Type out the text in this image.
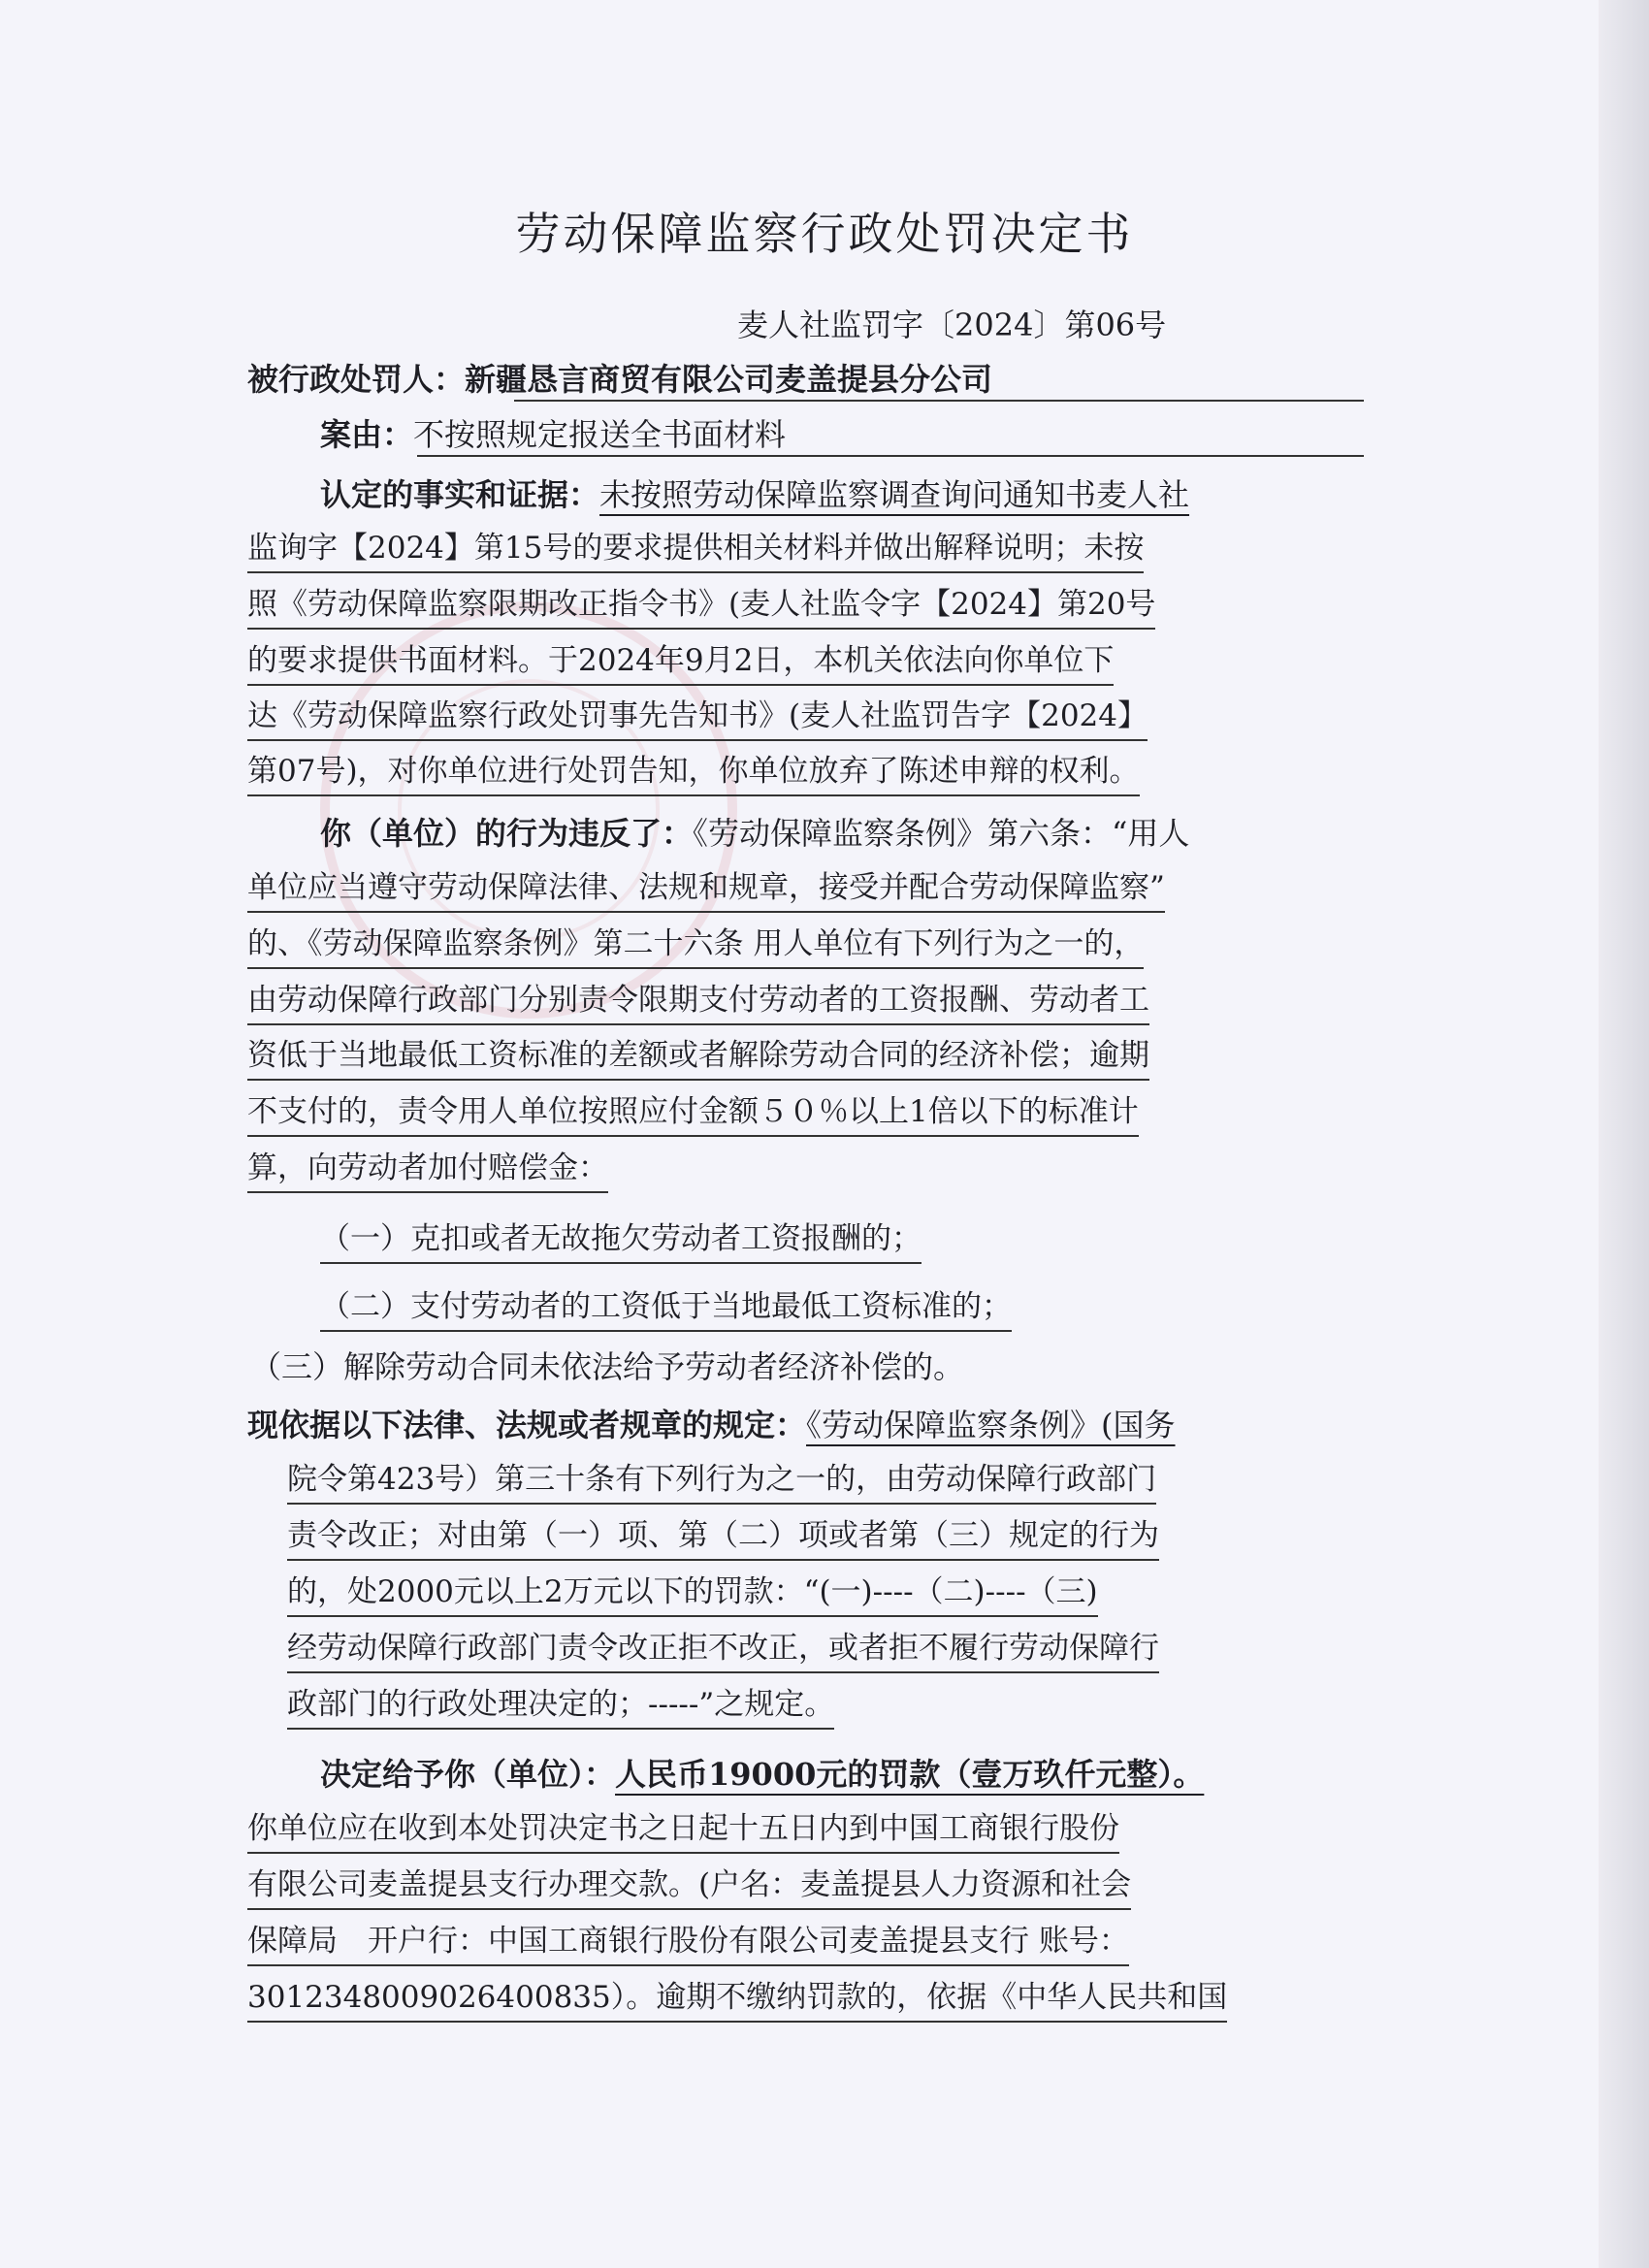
劳动保障监察行政处罚决定书
麦人社监罚字〔2024〕第06号
被行政处罚人：新疆恳言商贸有限公司麦盖提县分公司
案由：不按照规定报送全书面材料
认定的事实和证据：未按照劳动保障监察调查询问通知书麦人社
监询字【2024】第15号的要求提供相关材料并做出解释说明；未按
照《劳动保障监察限期改正指令书》(麦人社监令字【2024】第20号
的要求提供书面材料。于2024年9月2日，本机关依法向你单位下
达《劳动保障监察行政处罚事先告知书》(麦人社监罚告字【2024】
第07号)，对你单位进行处罚告知，你单位放弃了陈述申辩的权利。
你（单位）的行为违反了：《劳动保障监察条例》第六条：“用人
单位应当遵守劳动保障法律、法规和规章，接受并配合劳动保障监察”
的、《劳动保障监察条例》第二十六条 用人单位有下列行为之一的，
由劳动保障行政部门分别责令限期支付劳动者的工资报酬、劳动者工
资低于当地最低工资标准的差额或者解除劳动合同的经济补偿；逾期
不支付的，责令用人单位按照应付金额５０％以上1倍以下的标准计
算，向劳动者加付赔偿金：
（一）克扣或者无故拖欠劳动者工资报酬的；
（二）支付劳动者的工资低于当地最低工资标准的；
（三）解除劳动合同未依法给予劳动者经济补偿的。
现依据以下法律、法规或者规章的规定：《劳动保障监察条例》(国务
院令第423号）第三十条有下列行为之一的，由劳动保障行政部门
责令改正；对由第（一）项、第（二）项或者第（三）规定的行为
的，处2000元以上2万元以下的罚款：“(一)----（二)----（三)
经劳动保障行政部门责令改正拒不改正，或者拒不履行劳动保障行
政部门的行政处理决定的；-----”之规定。
决定给予你（单位）：人民币19000元的罚款（壹万玖仟元整）。
你单位应在收到本处罚决定书之日起十五日内到中国工商银行股份
有限公司麦盖提县支行办理交款。(户名：麦盖提县人力资源和社会
保障局　开户行：中国工商银行股份有限公司麦盖提县支行 账号：
3012348009026400835）。逾期不缴纳罚款的，依据《中华人民共和国
